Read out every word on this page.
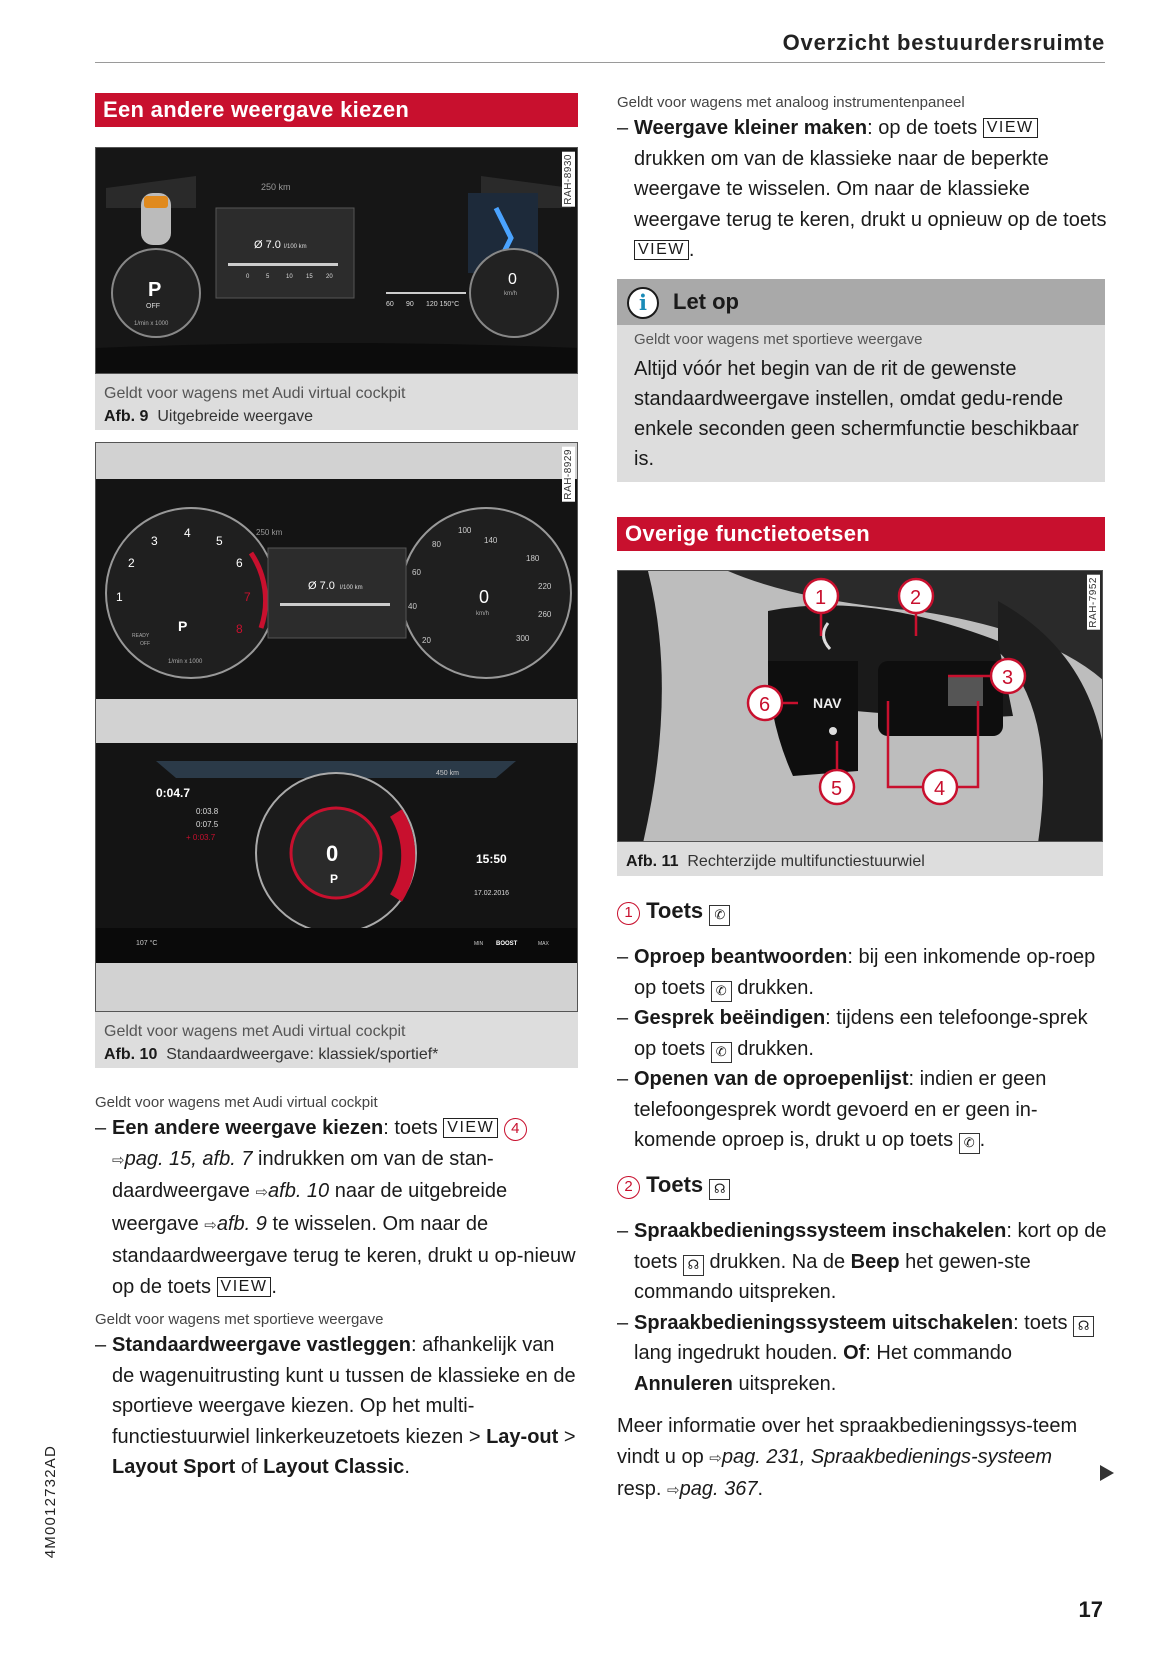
Overzicht bestuurdersruimte
Een andere weergave kiezen
250 km
Ø 7.0 l/100 km
0	5	10 15 20
60 90 120 150°C
P
OFF
1/min x 1000
0
km/h
RAH-8930
Geldt voor wagens met Audi virtual cockpit
Afb. 9 Uitgebreide weergave
250 km
Ø 7.0 l/100 km
1
2
3
4
5
6
7
8
P
READY
OFF
1/min x 1000
0
km/h
20
40
60
80
100
140
180
220
260
300
450 km
0:04.7
0:03.8
0:07.5
+ 0:03.7
0
P
15:50
17.02.2016
107 °C	MIN BOOST	MAX
RAH-8929
Geldt voor wagens met Audi virtual cockpit
Afb. 10 Standaardweergave: klassiek/sportief*
Geldt voor wagens met Audi virtual cockpit
– Een andere weergave kiezen: toets VIEW 4 ⇨pag. 15, afb. 7 indrukken om van de stan-daardweergave ⇨afb. 10 naar de uitgebreide weergave ⇨afb. 9 te wisselen. Om naar de standaardweergave terug te keren, drukt u op-nieuw op de toets VIEW .
Geldt voor wagens met sportieve weergave
– Standaardweergave vastleggen: afhankelijk van de wagenuitrusting kunt u tussen de klassieke en de sportieve weergave kiezen. Op het multi-functiestuurwiel linkerkeuzetoets kiezen > Lay-out > Layout Sport of Layout Classic.
Geldt voor wagens met analoog instrumentenpaneel
– Weergave kleiner maken: op de toets VIEW drukken om van de klassieke naar de beperkte weergave te wisselen. Om naar de klassieke weergave terug te keren, drukt u opnieuw op de toets VIEW .
i Let op
Geldt voor wagens met sportieve weergave
Altijd vóór het begin van de rit de gewenste standaardweergave instellen, omdat gedu-rende enkele seconden geen schermfunctie beschikbaar is.
Overige functietoetsen
1	2
3
4
5
6	NAV
RAH-7952
Afb. 11 Rechterzijde multifunctiestuurwiel
1 Toets ✆
– Oproep beantwoorden: bij een inkomende op-roep op toets ✆ drukken.
– Gesprek beëindigen: tijdens een telefoonge-sprek op toets ✆ drukken.
– Openen van de oproepenlijst: indien er geen telefoongesprek wordt gevoerd en er geen in-komende oproep is, drukt u op toets ✆ .
2 Toets ☊
– Spraakbedieningssysteem inschakelen: kort op de toets ☊ drukken. Na de Beep het gewen-ste commando uitspreken.
– Spraakbedieningssysteem uitschakelen: toets ☊ lang ingedrukt houden. Of: Het commando Annuleren uitspreken.
Meer informatie over het spraakbedieningssys-teem vindt u op ⇨pag. 231, Spraakbedienings-systeem resp. ⇨pag. 367.
4M0012732AD
17
